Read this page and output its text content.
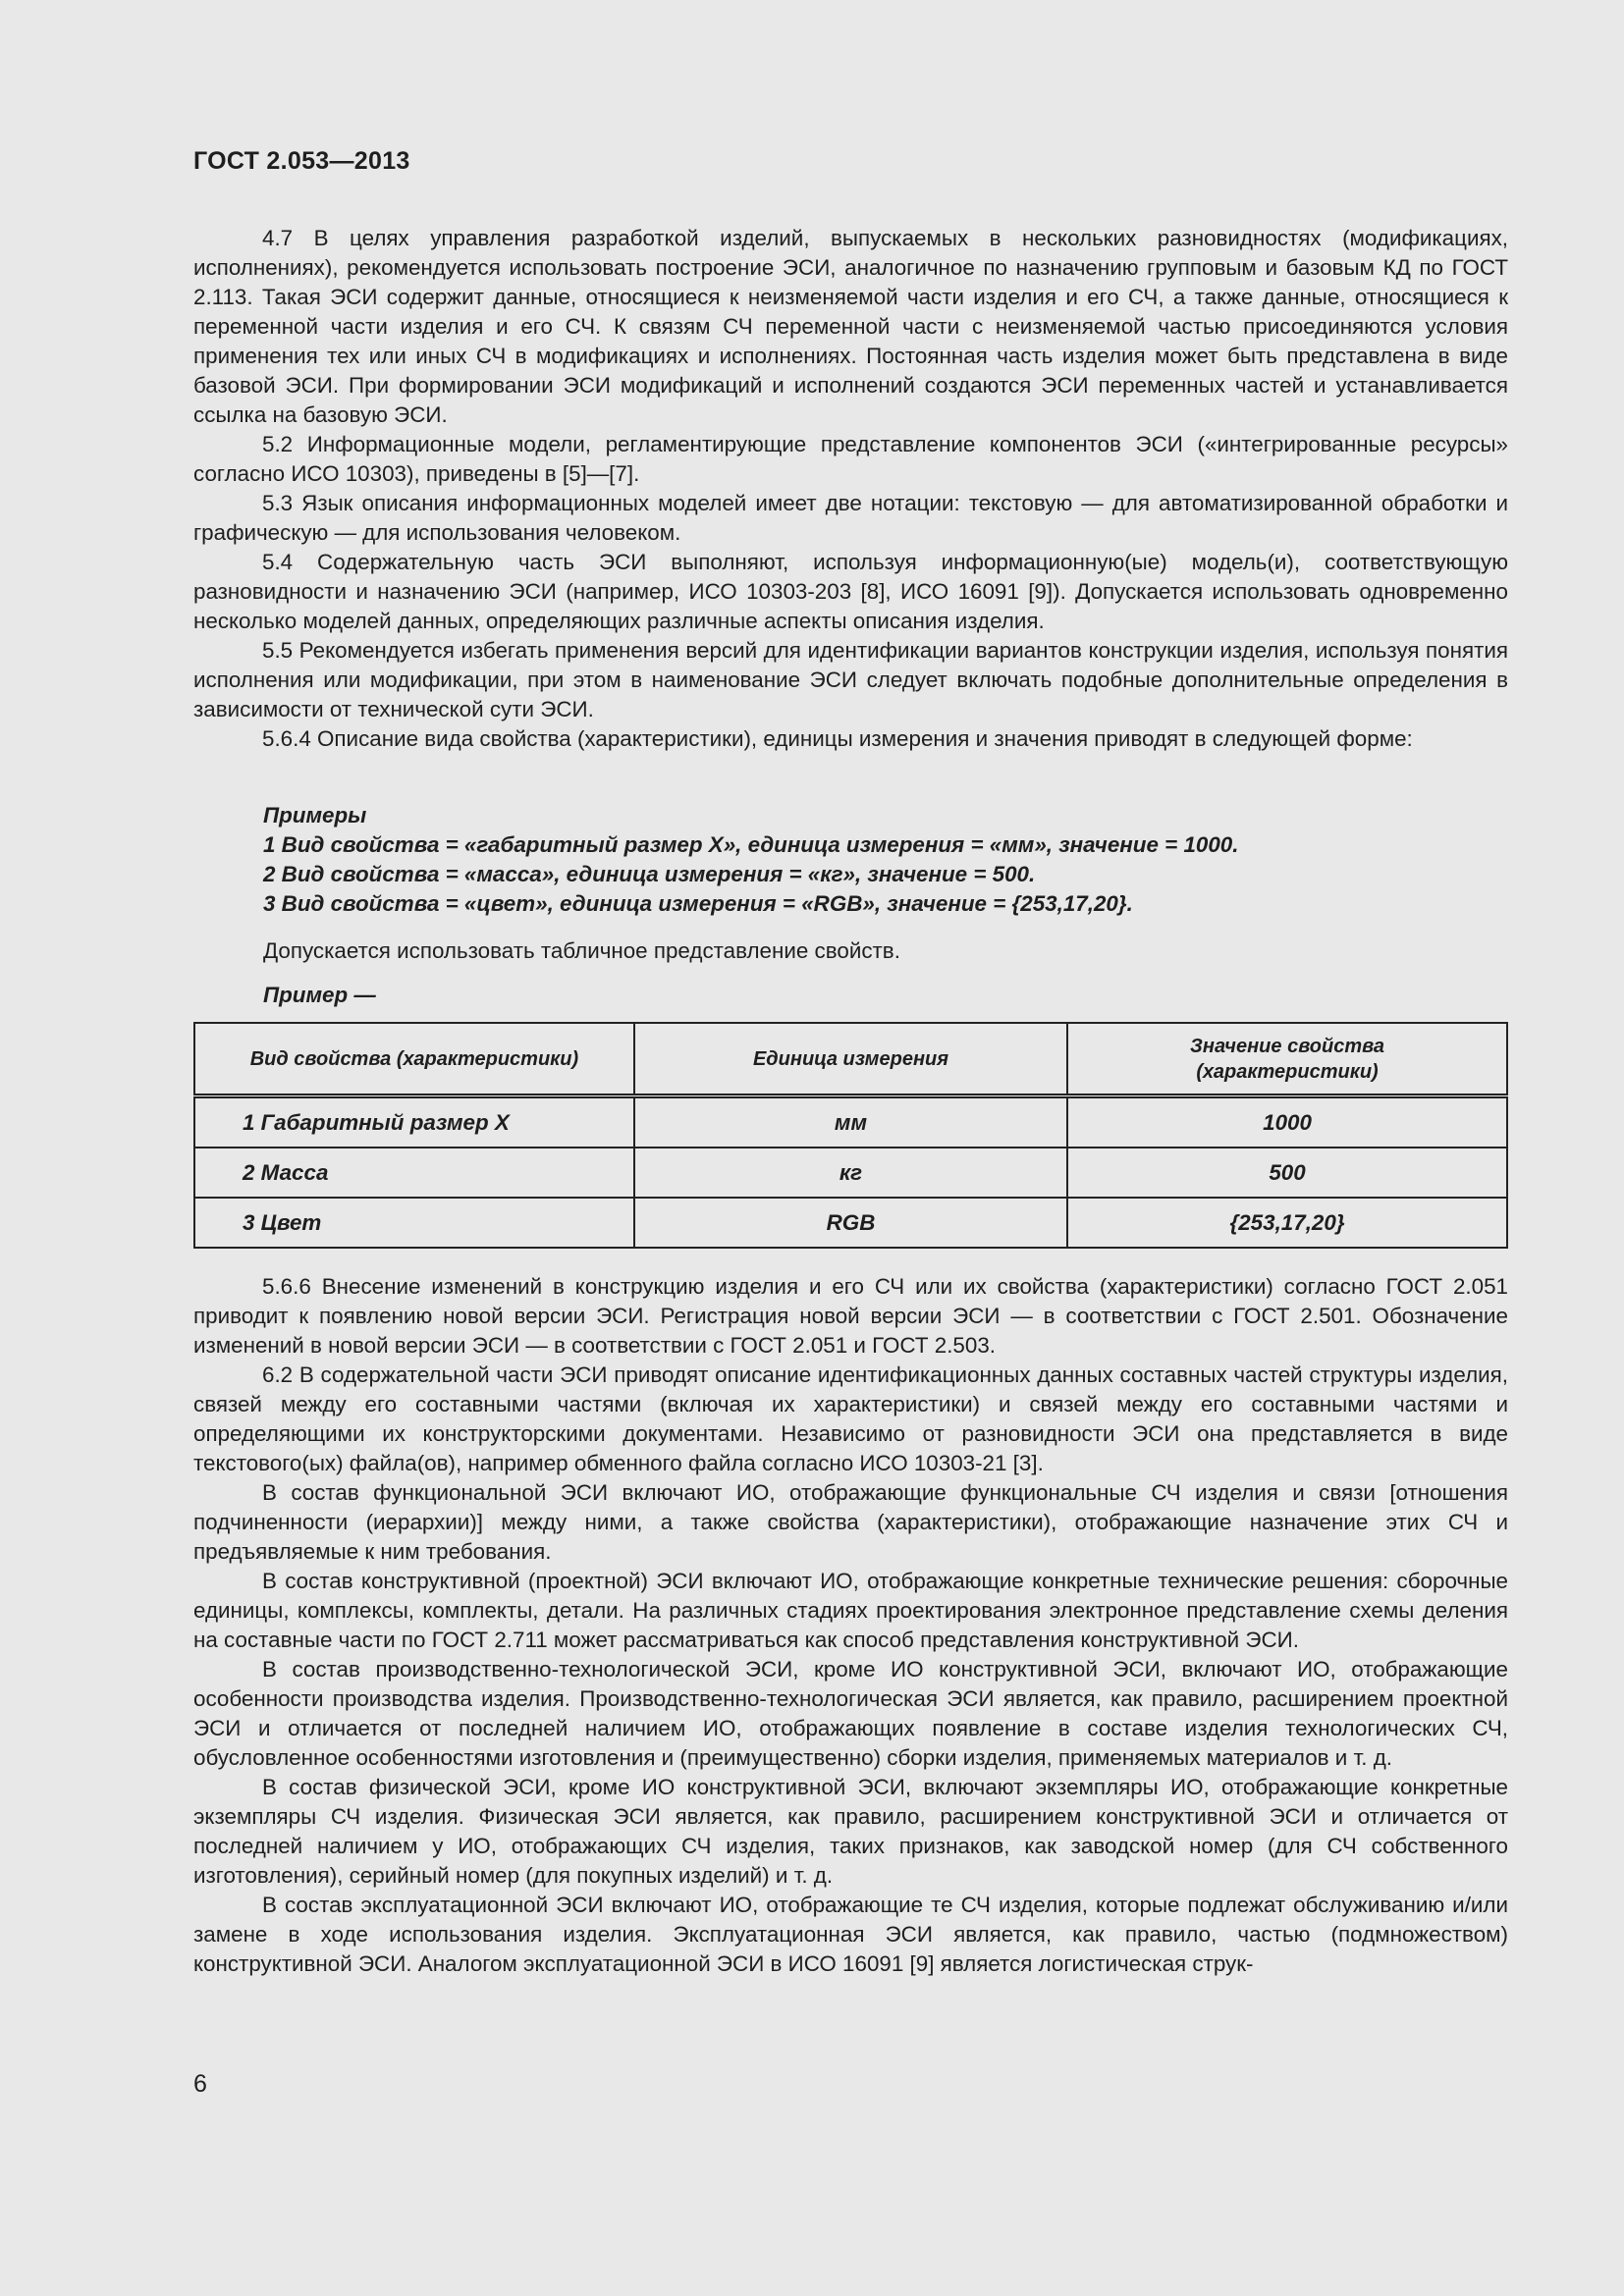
ГОСТ 2.053—2013

4.7 В целях управления разработкой изделий, выпускаемых в нескольких разновидностях (модификациях, исполнениях), рекомендуется использовать построение ЭСИ, аналогичное по назначению групповым и базовым КД по ГОСТ 2.113. Такая ЭСИ содержит данные, относящиеся к неизменяемой части изделия и его СЧ, а также данные, относящиеся к переменной части изделия и его СЧ. К связям СЧ переменной части с неизменяемой частью присоединяются условия применения тех или иных СЧ в модификациях и исполнениях. Постоянная часть изделия может быть представлена в виде базовой ЭСИ. При формировании ЭСИ модификаций и исполнений создаются ЭСИ переменных частей и устанавливается ссылка на базовую ЭСИ.

5.2 Информационные модели, регламентирующие представление компонентов ЭСИ («интегрированные ресурсы» согласно ИСО 10303), приведены в [5]—[7].

5.3 Язык описания информационных моделей имеет две нотации: текстовую — для автоматизированной обработки и графическую — для использования человеком.

5.4 Содержательную часть ЭСИ выполняют, используя информационную(ые) модель(и), соответствующую разновидности и назначению ЭСИ (например, ИСО 10303-203 [8], ИСО 16091 [9]). Допускается использовать одновременно несколько моделей данных, определяющих различные аспекты описания изделия.

5.5 Рекомендуется избегать применения версий для идентификации вариантов конструкции изделия, используя понятия исполнения или модификации, при этом в наименование ЭСИ следует включать подобные дополнительные определения в зависимости от технической сути ЭСИ.

5.6.4 Описание вида свойства (характеристики), единицы измерения и значения приводят в следующей форме:

Примеры
1 Вид свойства = «габаритный размер X», единица измерения = «мм», значение = 1000.
2 Вид свойства = «масса», единица измерения = «кг», значение = 500.
3 Вид свойства = «цвет», единица измерения = «RGB», значение = {253,17,20}.
Допускается использовать табличное представление свойств.
Пример —
Вид свойства (характеристики)	Единица измерения	Значение свойства (характеристики)
1 Габаритный размер X	мм	1000
2 Масса	кг	500
3 Цвет	RGB	{253,17,20}

5.6.6 Внесение изменений в конструкцию изделия и его СЧ или их свойства (характеристики) согласно ГОСТ 2.051 приводит к появлению новой версии ЭСИ. Регистрация новой версии ЭСИ — в соответствии с ГОСТ 2.501. Обозначение изменений в новой версии ЭСИ — в соответствии с ГОСТ 2.051 и ГОСТ 2.503.

6.2 В содержательной части ЭСИ приводят описание идентификационных данных составных частей структуры изделия, связей между его составными частями (включая их характеристики) и связей между его составными частями и определяющими их конструкторскими документами. Независимо от разновидности ЭСИ она представляется в виде текстового(ых) файла(ов), например обменного файла согласно ИСО 10303-21 [3].

В состав функциональной ЭСИ включают ИО, отображающие функциональные СЧ изделия и связи [отношения подчиненности (иерархии)] между ними, а также свойства (характеристики), отображающие назначение этих СЧ и предъявляемые к ним требования.

В состав конструктивной (проектной) ЭСИ включают ИО, отображающие конкретные технические решения: сборочные единицы, комплексы, комплекты, детали. На различных стадиях проектирования электронное представление схемы деления на составные части по ГОСТ 2.711 может рассматриваться как способ представления конструктивной ЭСИ.

В состав производственно-технологической ЭСИ, кроме ИО конструктивной ЭСИ, включают ИО, отображающие особенности производства изделия. Производственно-технологическая ЭСИ является, как правило, расширением проектной ЭСИ и отличается от последней наличием ИО, отображающих появление в составе изделия технологических СЧ, обусловленное особенностями изготовления и (преимущественно) сборки изделия, применяемых материалов и т. д.

В состав физической ЭСИ, кроме ИО конструктивной ЭСИ, включают экземпляры ИО, отображающие конкретные экземпляры СЧ изделия. Физическая ЭСИ является, как правило, расширением конструктивной ЭСИ и отличается от последней наличием у ИО, отображающих СЧ изделия, таких признаков, как заводской номер (для СЧ собственного изготовления), серийный номер (для покупных изделий) и т. д.

В состав эксплуатационной ЭСИ включают ИО, отображающие те СЧ изделия, которые подлежат обслуживанию и/или замене в ходе использования изделия. Эксплуатационная ЭСИ является, как правило, частью (подмножеством) конструктивной ЭСИ. Аналогом эксплуатационной ЭСИ в ИСО 16091 [9] является логистическая струк-

6
